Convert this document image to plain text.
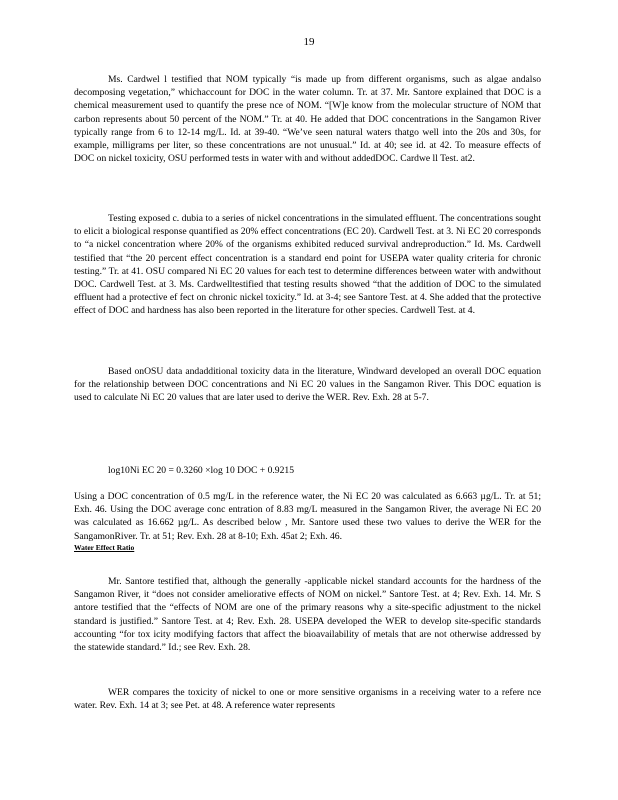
19

Ms. Cardwel l testified that NOM typically “is made up from different organisms, such as algae andalso decomposing vegetation,” whichaccount for DOC in the water column. Tr. at 37. Mr. Santore explained that DOC is a chemical measurement used to quantify the prese nce of NOM. “[W]e know from the molecular structure of NOM that carbon represents about 50 percent of the NOM.” Tr. at 40. He added that DOC concentrations in the Sangamon River typically range from 6 to 12-14 mg/L. Id. at 39-40. “We’ve seen natural waters thatgo well into the 20s and 30s, for example, milligrams per liter, so these concentrations are not unusual.” Id. at 40; see id. at 42. To measure effects of DOC on nickel toxicity, OSU performed tests in water with and without addedDOC. Cardwe ll Test. at2.

Testing exposed c. dubia to a series of nickel concentrations in the simulated effluent. The concentrations sought to elicit a biological response quantified as 20% effect concentrations (EC 20). Cardwell Test. at 3. Ni EC 20 corresponds to “a nickel concentration where 20% of the organisms exhibited reduced survival andreproduction.” Id. Ms. Cardwell testified that “the 20 percent effect concentration is a standard end point for USEPA water quality criteria for chronic testing.” Tr. at 41. OSU compared Ni EC 20 values for each test to determine differences between water with andwithout DOC. Cardwell Test. at 3. Ms. Cardwelltestified that testing results showed “that the addition of DOC to the simulated effluent had a protective ef fect on chronic nickel toxicity.” Id. at 3-4; see Santore Test. at 4. She added that the protective effect of DOC and hardness has also been reported in the literature for other species. Cardwell Test. at 4.

Based onOSU data andadditional toxicity data in the literature, Windward developed an overall DOC equation for the relationship between DOC concentrations and Ni EC 20 values in the Sangamon River. This DOC equation is used to calculate Ni EC 20 values that are later used to derive the WER. Rev. Exh. 28 at 5-7.

log10Ni EC 20 = 0.3260 ×log 10 DOC + 0.9215

Using a DOC concentration of 0.5 mg/L in the reference water, the Ni EC 20 was calculated as 6.663 µg/L. Tr. at 51; Exh. 46. Using the DOC average conc entration of 8.83 mg/L measured in the Sangamon River, the average Ni EC 20 was calculated as 16.662 µg/L. As described below , Mr. Santore used these two values to derive the WER for the SangamonRiver. Tr. at 51; Rev. Exh. 28 at 8-10; Exh. 45at 2; Exh. 46.

Water Effect Ratio

Mr. Santore testified that, although the generally -applicable nickel standard accounts for the hardness of the Sangamon River, it “does not consider ameliorative effects of NOM on nickel.” Santore Test. at 4; Rev. Exh. 14. Mr. S antore testified that the “effects of NOM are one of the primary reasons why a site-specific adjustment to the nickel standard is justified.” Santore Test. at 4; Rev. Exh. 28. USEPA developed the WER to develop site-specific standards accounting “for tox icity modifying factors that affect the bioavailability of metals that are not otherwise addressed by the statewide standard.” Id.; see Rev. Exh. 28.

WER compares the toxicity of nickel to one or more sensitive organisms in a receiving water to a refere nce water. Rev. Exh. 14 at 3; see Pet. at 48. A reference water represents
